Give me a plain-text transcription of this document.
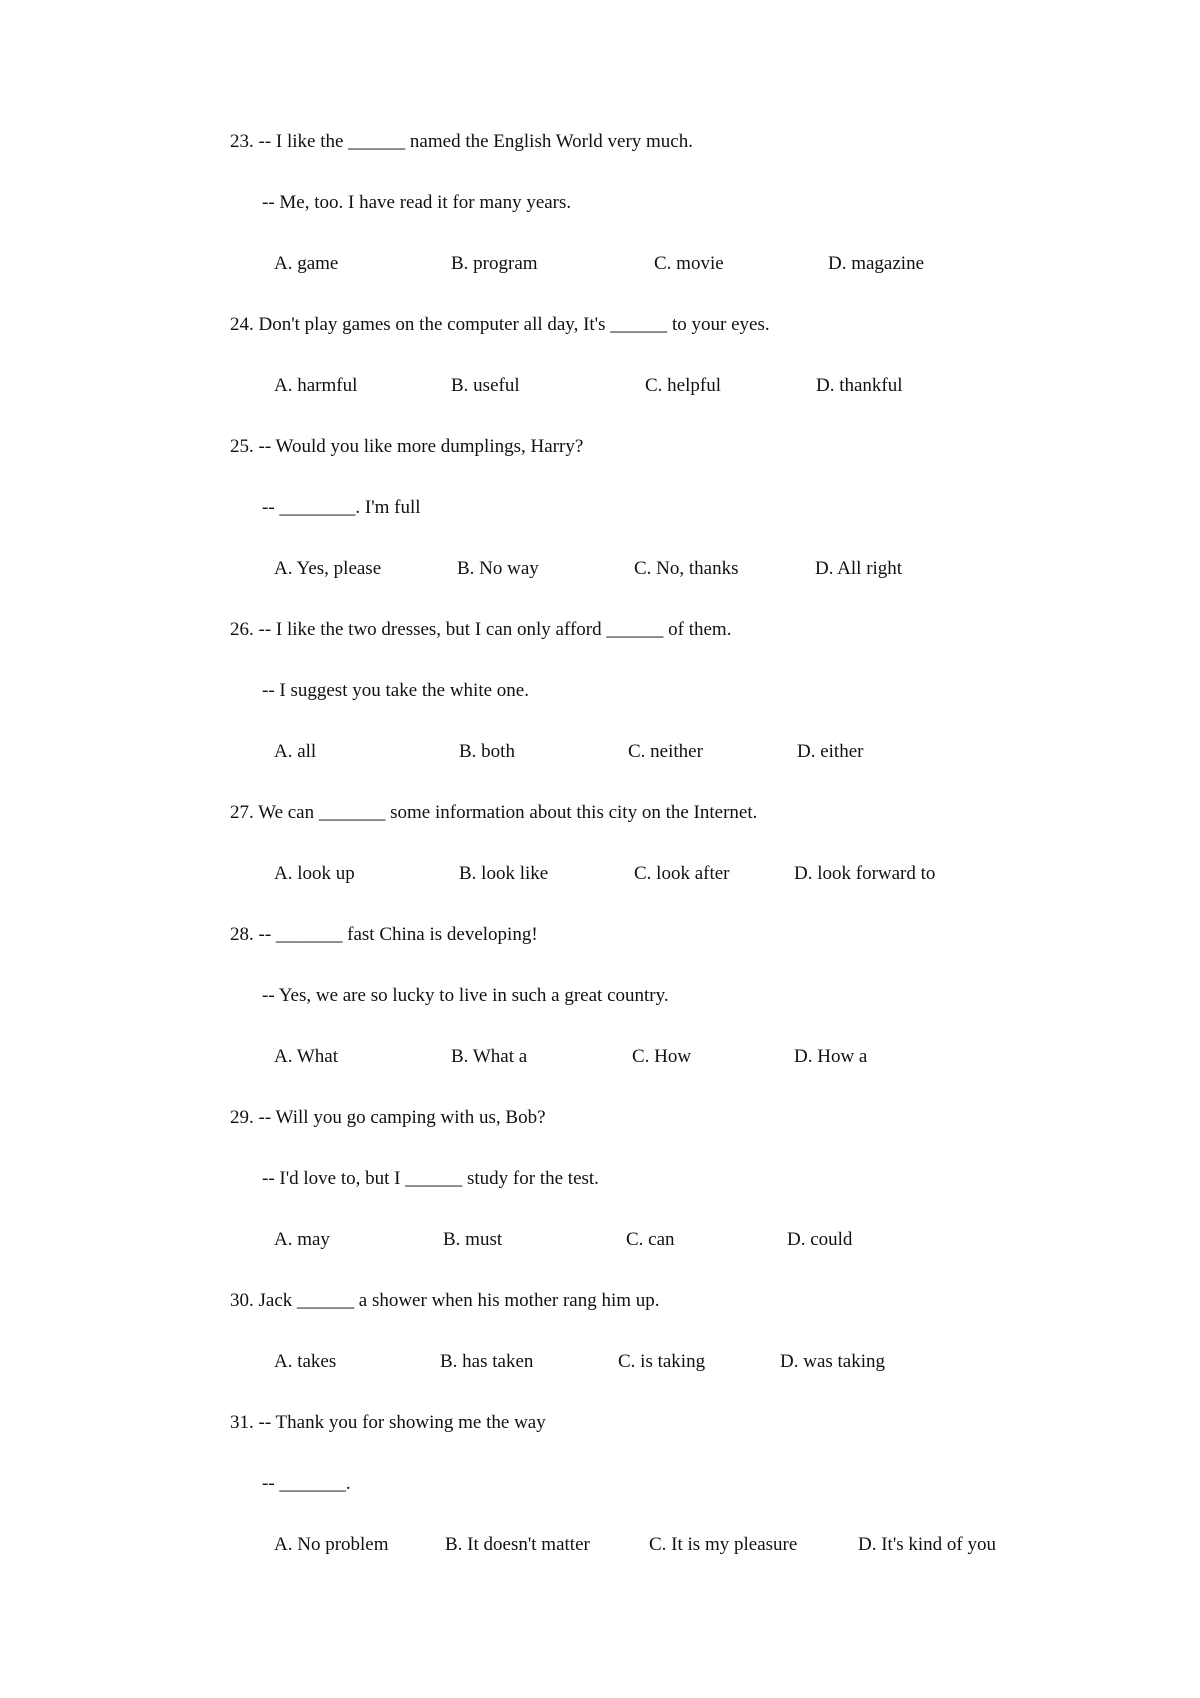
23. -- I like the ______ named the English World very much.
-- Me, too. I have read it for many years.
A. game	B. program	C. movie	D. magazine
24. Don't play games on the computer all day, It's ______ to your eyes.
A. harmful	B. useful	C. helpful	D. thankful
25. -- Would you like more dumplings, Harry?
-- ________. I'm full
A. Yes, please	B. No way	C. No, thanks	D. All right
26. -- I like the two dresses, but I can only afford ______ of them.
-- I suggest you take the white one.
A. all	B. both	C. neither	D. either
27. We can _______ some information about this city on the Internet.
A. look up	B. look like	C. look after	D. look forward to
28. -- _______ fast China is developing!
-- Yes, we are so lucky to live in such a great country.
A. What	B. What a	C. How	D. How a
29. -- Will you go camping with us, Bob?
-- I'd love to, but I ______ study for the test.
A. may	B. must	C. can	D. could
30. Jack ______ a shower when his mother rang him up.
A. takes	B. has taken	C. is taking	D. was taking
31. -- Thank you for showing me the way
-- _______.
A. No problem	B. It doesn't matter	C. It is my pleasure	D. It's kind of you
